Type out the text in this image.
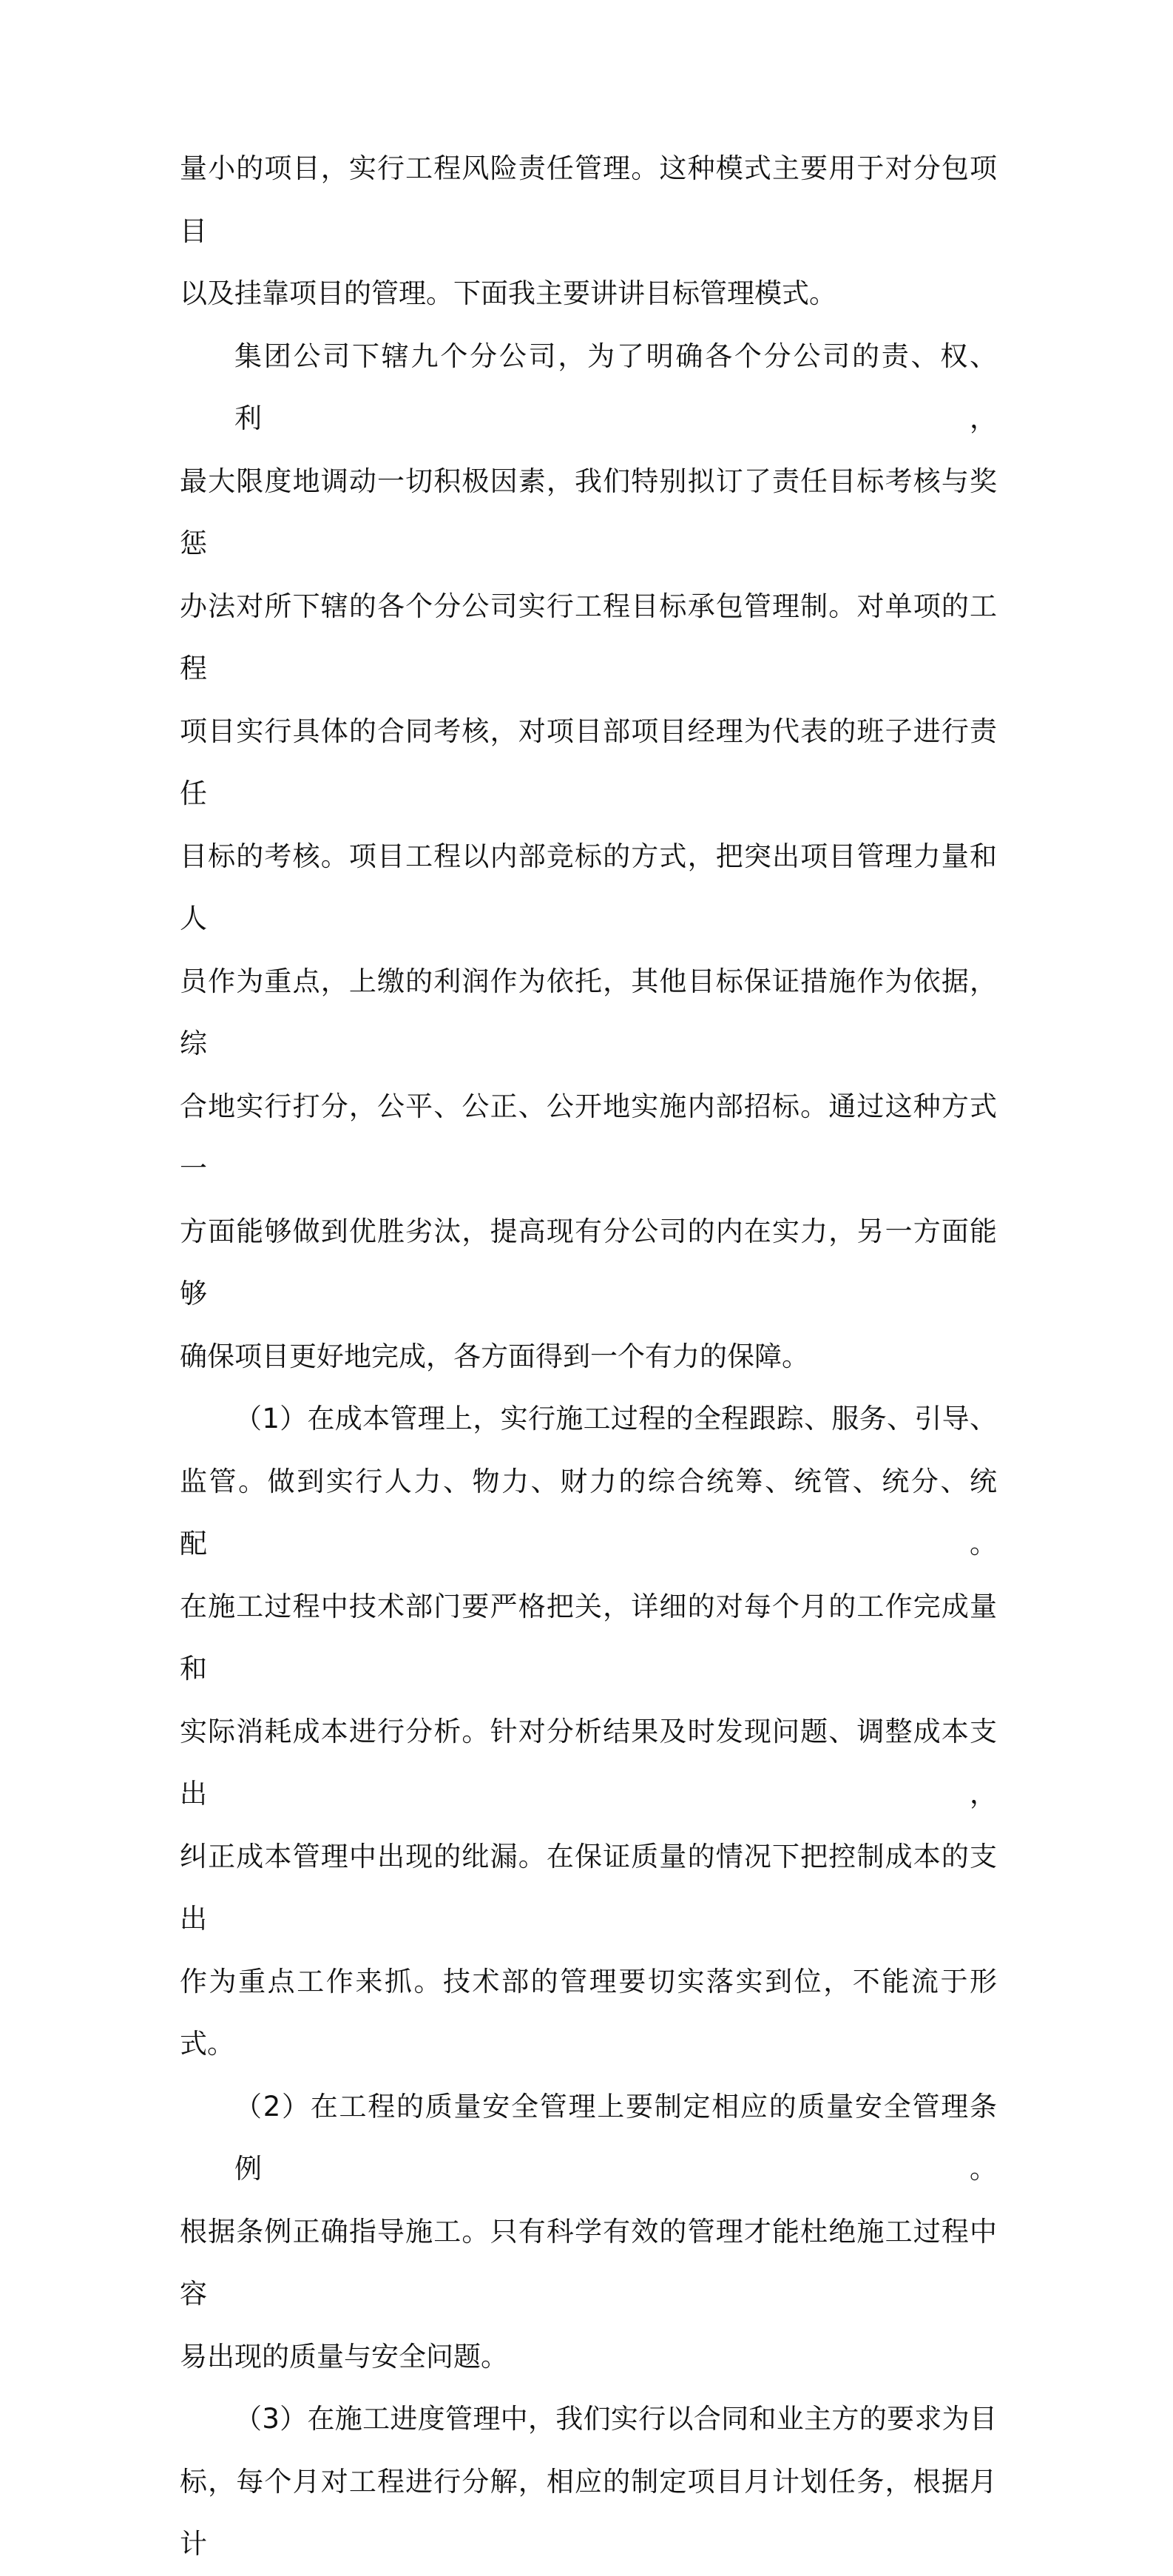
量小的项目，实行工程风险责任管理。这种模式主要用于对分包项目
以及挂靠项目的管理。下面我主要讲讲目标管理模式。
集团公司下辖九个分公司，为了明确各个分公司的责、权、利，
最大限度地调动一切积极因素，我们特别拟订了责任目标考核与奖惩
办法对所下辖的各个分公司实行工程目标承包管理制。对单项的工程
项目实行具体的合同考核，对项目部项目经理为代表的班子进行责任
目标的考核。项目工程以内部竞标的方式，把突出项目管理力量和人
员作为重点，上缴的利润作为依托，其他目标保证措施作为依据，综
合地实行打分，公平、公正、公开地实施内部招标。通过这种方式一
方面能够做到优胜劣汰，提高现有分公司的内在实力，另一方面能够
确保项目更好地完成，各方面得到一个有力的保障。
（1）在成本管理上，实行施工过程的全程跟踪、服务、引导、
监管。做到实行人力、物力、财力的综合统筹、统管、统分、统配。
在施工过程中技术部门要严格把关，详细的对每个月的工作完成量和
实际消耗成本进行分析。针对分析结果及时发现问题、调整成本支出，
纠正成本管理中出现的纰漏。在保证质量的情况下把控制成本的支出
作为重点工作来抓。技术部的管理要切实落实到位，不能流于形式。
（2）在工程的质量安全管理上要制定相应的质量安全管理条例。
根据条例正确指导施工。只有科学有效的管理才能杜绝施工过程中容
易出现的质量与安全问题。
（3）在施工进度管理中，我们实行以合同和业主方的要求为目
标，每个月对工程进行分解，相应的制定项目月计划任务，根据月计
